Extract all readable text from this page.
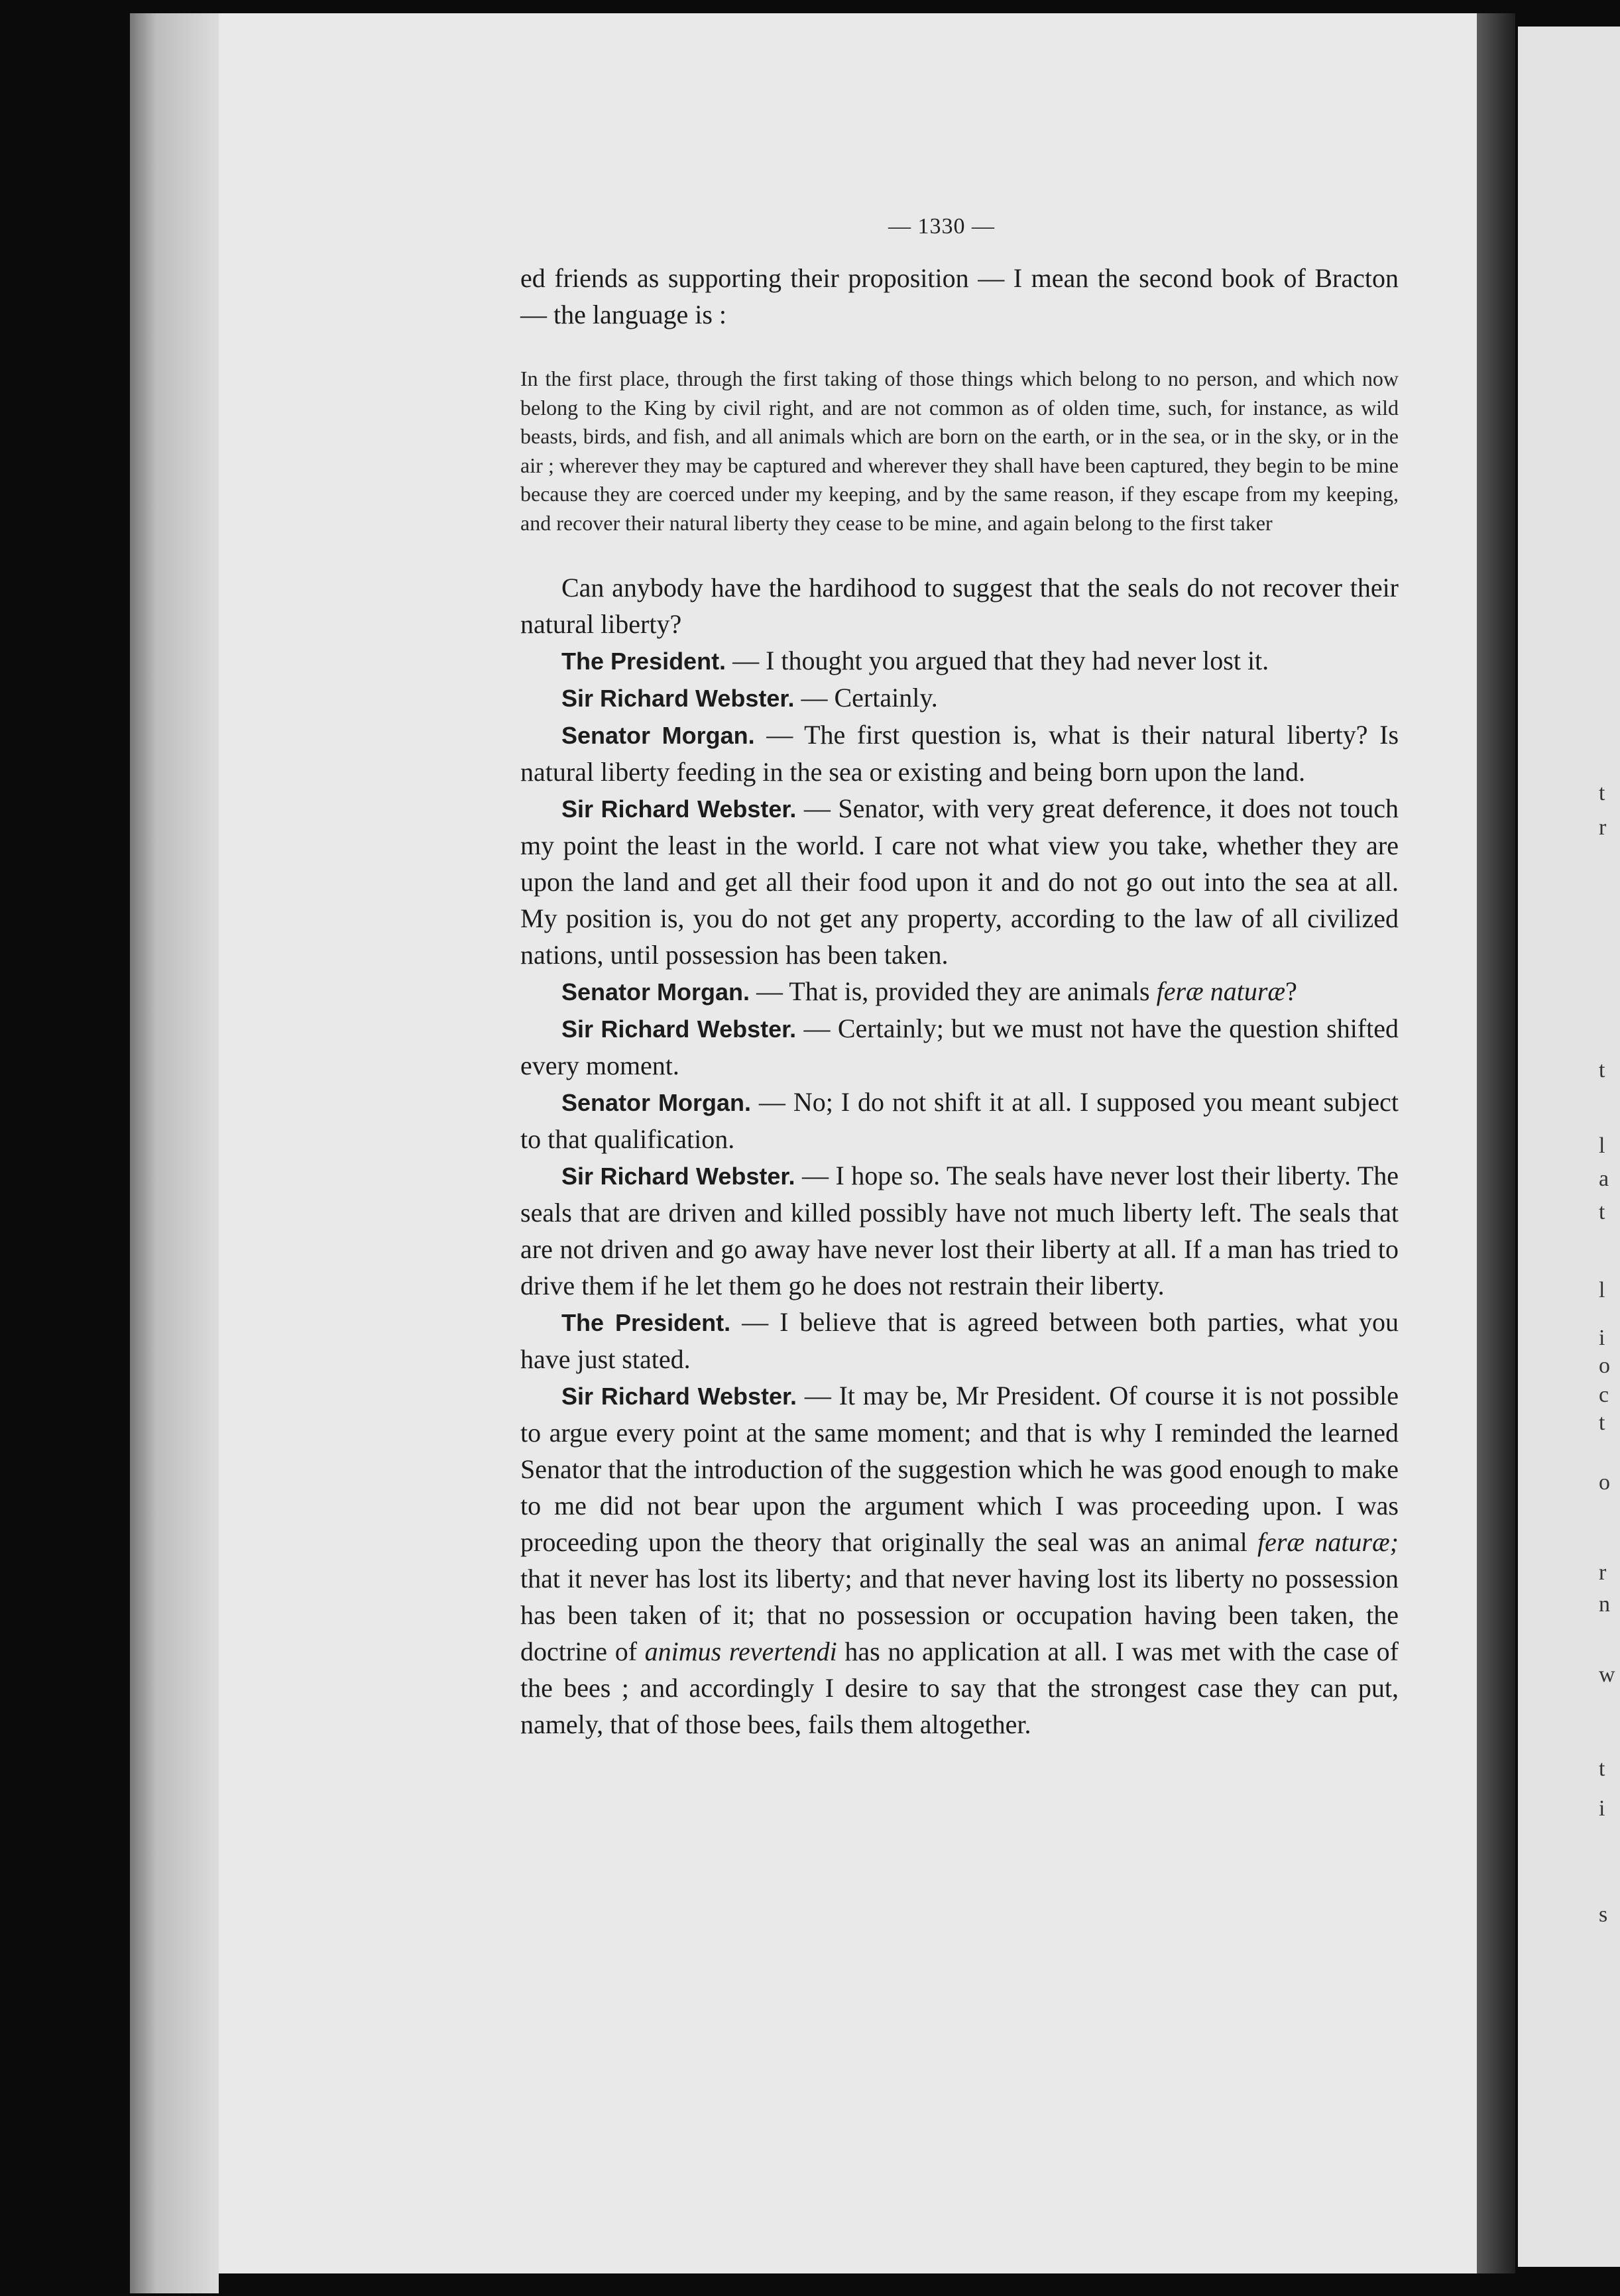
t
r
t
l
a
t
l
i
o
c
t
o
r
n
w
t
i
s
— 1330 —

ed friends as supporting their proposition — I mean the second book of Bracton — the language is :

In the first place, through the first taking of those things which belong to no person, and which now belong to the King by civil right, and are not common as of olden time, such, for instance, as wild beasts, birds, and fish, and all animals which are born on the earth, or in the sea, or in the sky, or in the air ; wherever they may be captured and wherever they shall have been captured, they begin to be mine because they are coerced under my keeping, and by the same reason, if they escape from my keeping, and recover their natural liberty they cease to be mine, and again belong to the first taker

Can anybody have the hardihood to suggest that the seals do not recover their natural liberty?

The President. — I thought you argued that they had never lost it.

Sir Richard Webster. — Certainly.

Senator Morgan. — The first question is, what is their natural liberty? Is natural liberty feeding in the sea or existing and being born upon the land.

Sir Richard Webster. — Senator, with very great deference, it does not touch my point the least in the world. I care not what view you take, whether they are upon the land and get all their food upon it and do not go out into the sea at all. My position is, you do not get any property, according to the law of all civilized nations, until possession has been taken.

Senator Morgan. — That is, provided they are animals feræ naturæ?

Sir Richard Webster. — Certainly; but we must not have the question shifted every moment.

Senator Morgan. — No; I do not shift it at all. I supposed you meant subject to that qualification.

Sir Richard Webster. — I hope so. The seals have never lost their liberty. The seals that are driven and killed possibly have not much liberty left. The seals that are not driven and go away have never lost their liberty at all. If a man has tried to drive them if he let them go he does not restrain their liberty.

The President. — I believe that is agreed between both parties, what you have just stated.

Sir Richard Webster. — It may be, Mr President. Of course it is not possible to argue every point at the same moment; and that is why I reminded the learned Senator that the introduction of the suggestion which he was good enough to make to me did not bear upon the argument which I was proceeding upon. I was proceeding upon the theory that originally the seal was an animal feræ naturæ; that it never has lost its liberty; and that never having lost its liberty no possession has been taken of it; that no possession or occupation having been taken, the doctrine of animus revertendi has no application at all. I was met with the case of the bees ; and accordingly I desire to say that the strongest case they can put, namely, that of those bees, fails them altogether.
